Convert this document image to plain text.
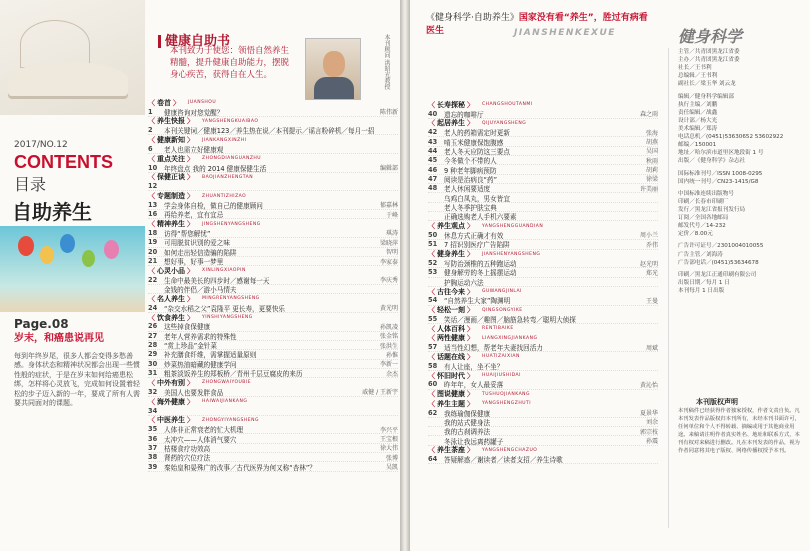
2017/NO.12
CONTENTS
目录
自助养生
Page.08
岁末，和癌患说再见
每到年终岁尾，很多人都会变得多愁善感。身体状态和精神状况都会出现一些惯性般的症状，于是在岁末如何给癌患松绑，怎样将心灵放飞，完成如何设置着轻松的步子迈入新的一年，要成了所有人需要共同面对的课题。
健康自助书
本刊致力于使您：领悟自然养生精髓，提升健康自助能力，摆脱身心疾苦，获得自在人生。	本刊顾问 洪昭光教授
〈 卷首 〉 JUANSHOU
1	健康咨询对您觉醒？	陈伟新
〈 养生快报 〉 YANGSHENGKUAIBAO
2	本刊关键词／健康123／养生热在说／本刊提示／谣言粉碎机／每月一招
〈 健康新知 〉 JIANKANGXINZHI
6	老人也需立好健康观
〈 重点关注 〉 ZHONGDIANGUANZHU
10	年终盘点 我的 2014 健康保健生活	编辑部
〈 保健正谈 〉 BAOJIANZHENGTAN
12
〈 专题制造 〉 ZHUANTIZHIZAO
13	学会身体自检，做自己的健康顾问	郁嘉林
16	再给养老，宜有宜忌	于峰
〈 精神养生 〉 JINGSHENYANGSHENG
18	访得“帮您解忧”	琪涛
19	可用脱贫识别的爱之味	梁晓萍
20	如何走出轻信造骗的陷阱	智明
21	想好事，好事一梦里	李家泰
〈 心灵小品 〉 XINLINGXIAOPIN
22	生命中最美长的四步时／感谢每一天	李庆秀
金钱的伴侣／游小马情夫
〈 名人养生 〉 MINGRENYANGSHENG
24	“杂交水稻之父”袁隆平 更长寿，更要快乐	黄光明
〈 饮食养生 〉 YINSHIYANGSHENG
26	这些掉食保健康	孙凯凌
27	老年人营养需求的特殊性	张金铭
28	“赏上珍品”金针菜	张洪生
29	补充膳食纤维，需掌握适量原则	孙惟
30	炒菜热油暗藏的健康学问	李新一
31	粗茶淡饭养生的郑板桥／青州千层豆腐皮的来历	余杰
〈 中外有别 〉 ZHONGWAIYOUBIE
32	美国人也要发胖食品	戚健 / 王新宇
〈 海外健康 〉 HAIWAIJIANKANG
34
〈 中医养生 〉 ZHONGYIYANGSHENG
35	人体非正常衰老的忙大机理	李兴平
36	太冲穴——人体消气要穴	王宝根
37	枯楼食疗功效高	徐大伟
38	肾药的穴位疗法	张博
39	秦始皇和晏殊广的改事／古代医界为何又称“杏林”？	吴凯
《健身科学·自助养生》国家没有看“养生”，胜过有病看医生	JIANSHENKEXUE	健身科学
〈 长寿探秘 〉 CHANGSHOUTANMI
40	遗忘的咖啡厅	森之雨
〈 起居养生 〉 QIJUYANGSHENG
42	老人的药箱需定时更新	张海
43	啃玉米健康保饱腹感	胡燕
44	老人冬天应防这三要点	吴国
45	今冬做个不带的人	秋雨
46	9 种老年脚病预防	胡莉
47	阅读是治病良“药”	徐梁
48	老人休闲要适度	许美丽
乌鸡白凤丸，男女皆宜
老人冬季护肤宝典
正确选购老人手机六要素
〈 养生观点 〉 YANGSHENGGUANDIAN
50	休息方式正确才有效	周小兰
51	7 招识别医疗广告陷阱	乔伟
〈 健身养生 〉 JIANSHENYANGSHENG
52	写防治颈椎的五种跑运动	赵光明
53	健身解劳的冬上摇摆运动	郑光
护胸运动六法
〈 古往今来 〉 GUWANGJINLAI
54	“自然养生大家”陶渊明	王曼
〈 轻松一刻 〉 QINGSONGYIKE
55	笑话／漫画／趣图／脑筋急转弯／聪明大侦探
〈 人体百科 〉 RENTIBAIKE
〈 两性健康 〉 LIANGXINGJIANKANG
57	适当性幻想，帮老年夫妻找回活力	周斌
〈 话题在线 〉 HUATIZAIXIAN
58	有人让座，坐不坐？
〈 怀旧时代 〉 HUAIJIUSHIDAI
60	昨年年，女人最妥落	黄沁怡
〈 图说健康 〉 TUSHUOJIANKANG
〈 养生主题 〉 YANGSHENGZHUTI
62	我练瑜伽保健康	夏景华
我的站式健身法	刘余
我的古刹调养法	郭宗枝
冬泳让我远离药罐子	孙震
〈 养生茶座 〉 YANGSHENGCHAZUO
64	答疑解惑／谢读者／读者支招／养生诗歌
主管／共青团黑龙江省委
主办／共青团黑龙江省委
社长／王书利
总编辑／王书利
副社长／梁玉华 刘云龙
编辑／健身科学编辑部
执行主编／刘鹏
责任编辑／战鑫
设计部／杨大光
美术编辑／郑涛
电话总机／(0451)53630652 53602922
邮编／150001
地址／哈尔滨市道里区地段街 1 号
出版／《健身科学》杂志社
国际标准刊号／ISSN 1008-0295
国内统一刊号／CN23-1415/G8
中国标准连续出版物号
印刷／长春市印刷厂
发行／黑龙江省报刊发行局
订阅／全国各地邮局
邮发代号／14-232
定价／8.00元
广告许可证号／2301004010055
广告主管／刘海涛
广告部电话／(0451)53634678
印刷／黑龙江正通印刷有限公司
出版日期／每月 1 日
本刊每月 1 日出版
本刊版权声明
本刊稿件已经获得作者独家授权，作者文责自负。凡本刊发表作品版权归本刊所有，未经本刊书面许可，任何单位和个人不得转载、摘编或用于其他商业用途。来稿请注明作者真实姓名、地址和联系方式，本刊有权对来稿进行删改。凡在本刊发表的作品，视为作者同意将其电子版权、网络传播权授予本刊。
